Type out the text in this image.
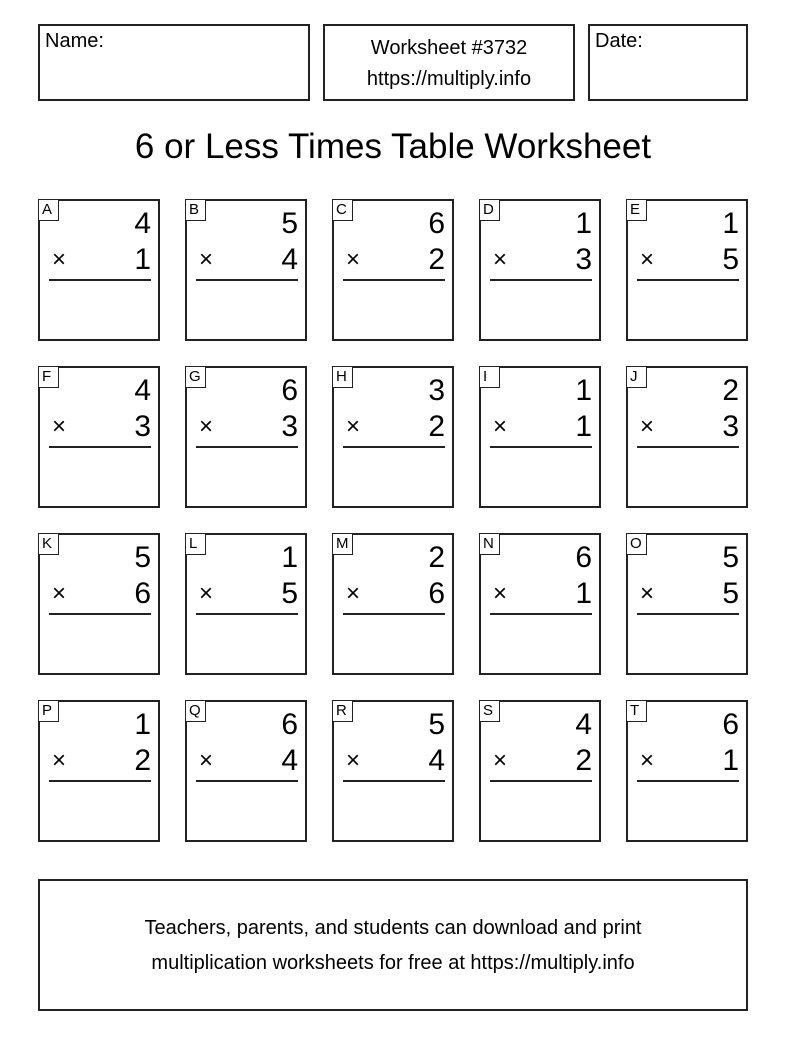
Name:	Worksheet #3732
https://multiply.info
Date:
6 or Less Times Table Worksheet
A	4
× 1
B	5
× 4
C	6
× 2
D	1
× 3
E	1
× 5
F	4
× 3
G	6
× 3
H	3
× 2
I	1
× 1
J	2
× 3
K	5
× 6
L	1
× 5
M	2
× 6
N	6
× 1
O	5
× 5
P	1
× 2
Q	6
× 4
R	5
× 4
S	4
× 2
T	6
× 1
Teachers, parents, and students can download and print
multiplication worksheets for free at https://multiply.info
